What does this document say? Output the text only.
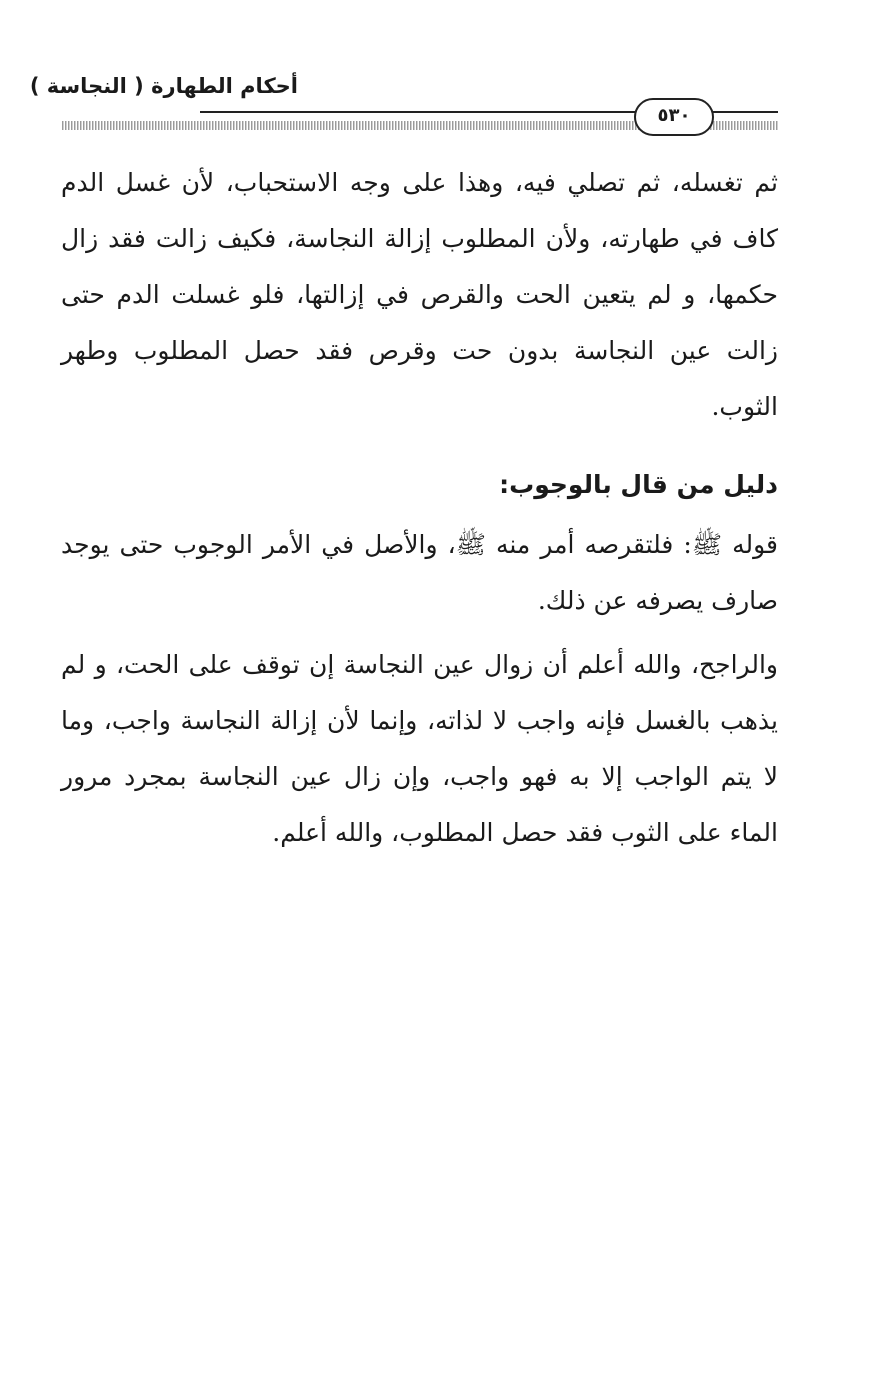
أحكام الطهارة ( النجاسة )
٥٣٠

ثم تغسله، ثم تصلي فيه، وهذا على وجه الاستحباب، لأن غسل الدم كاف في طهارته، ولأن المطلوب إزالة النجاسة، فكيف زالت فقد زال حكمها، و لم يتعين الحت والقرص في إزالتها، فلو غسلت الدم حتى زالت عين النجاسة بدون حت وقرص فقد حصل المطلوب وطهر الثوب.

دليل من قال بالوجوب:

قوله ﷺ: فلتقرصه أمر منه ﷺ، والأصل في الأمر الوجوب حتى يوجد صارف يصرفه عن ذلك.

والراجح، والله أعلم أن زوال عين النجاسة إن توقف على الحت، و لم يذهب بالغسل فإنه واجب لا لذاته، وإنما لأن إزالة النجاسة واجب، وما لا يتم الواجب إلا به فهو واجب، وإن زال عين النجاسة بمجرد مرور الماء على الثوب فقد حصل المطلوب، والله أعلم.
